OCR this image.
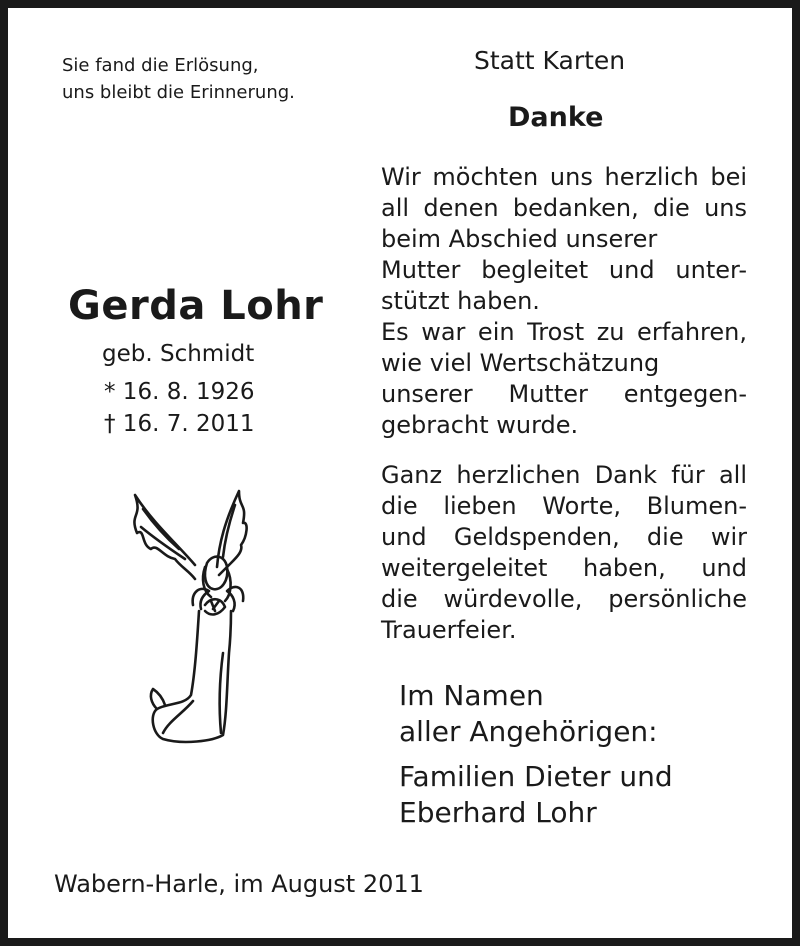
Sie fand die Erlösung,
uns bleibt die Erinnerung.
Statt Karten
Danke
Wir möchten uns herzlich bei
all denen bedanken, die uns
beim Abschied unserer
Mutter begleitet und unter-
stützt haben.
Es war ein Trost zu erfahren,
wie viel Wertschätzung
unserer Mutter entgegen-
gebracht wurde.
Ganz herzlichen Dank für all
die lieben Worte, Blumen-
und Geldspenden, die wir
weitergeleitet haben, und
die würdevolle, persönliche
Trauerfeier.
Gerda Lohr
geb. Schmidt
* 16. 8. 1926
† 16. 7. 2011
Im Namen
aller Angehörigen:
Familien Dieter und
Eberhard Lohr
Wabern-Harle, im August 2011
